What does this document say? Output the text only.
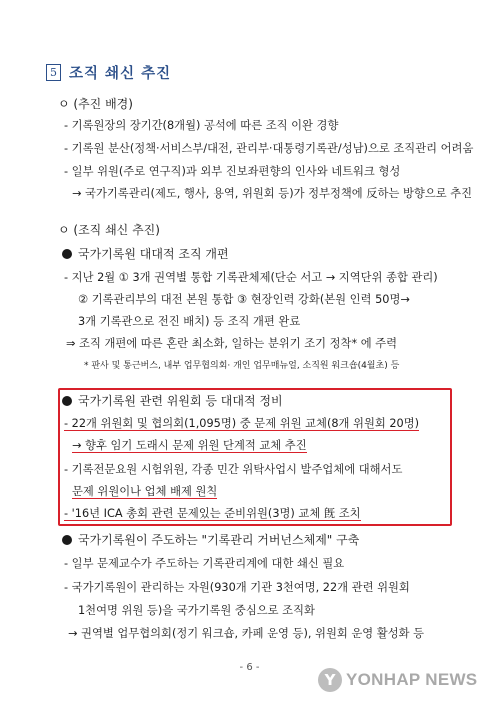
5 조직 쇄신 추진
ㅇ (추진 배경)
- 기록원장의 장기간(8개월) 공석에 따른 조직 이완 경향
- 기록원 분산(정책·서비스부/대전, 관리부·대통령기록관/성남)으로 조직관리 어려움
- 일부 위원(주로 연구직)과 외부 진보좌편향의 인사와 네트워크 형성
→ 국가기록관리(제도, 행사, 용역, 위원회 등)가 정부정책에 反하는 방향으로 추진
ㅇ (조직 쇄신 추진)
국가기록원 대대적 조직 개편
- 지난 2월 ① 3개 권역별 통합 기록관체제(단순 서고 → 지역단위 종합 관리)
② 기록관리부의 대전 본원 통합 ③ 현장인력 강화(본원 인력 50명→
3개 기록관으로 전진 배치) 등 조직 개편 완료
⇒ 조직 개편에 따른 혼란 최소화, 일하는 분위기 조기 정착* 에 주력
* 판사 및 통근버스, 내부 업무협의회· 개인 업무매뉴얼, 소직원 워크숍(4월초) 등
국가기록원 관련 위원회 등 대대적 정비
- 22개 위원회 및 협의회(1,095명) 중 문제 위원 교체(8개 위원회 20명)
→ 향후 임기 도래시 문제 위원 단계적 교체 추진
- 기록전문요원 시험위원, 각종 민간 위탁사업시 발주업체에 대해서도
문제 위원이나 업체 배제 원칙
- '16년 ICA 총회 관련 문제있는 준비위원(3명) 교체 旣 조치
국가기록원이 주도하는 "기록관리 거버넌스체제" 구축
- 일부 문제교수가 주도하는 기록관리계에 대한 쇄신 필요
- 국가기록원이 관리하는 자원(930개 기관 3천여명, 22개 관련 위원회
1천여명 위원 등)을 국가기록원 중심으로 조직화
→ 권역별 업무협의회(정기 워크숍, 카페 운영 등), 위원회 운영 활성화 등
- 6 -
Y YONHAP NEWS
